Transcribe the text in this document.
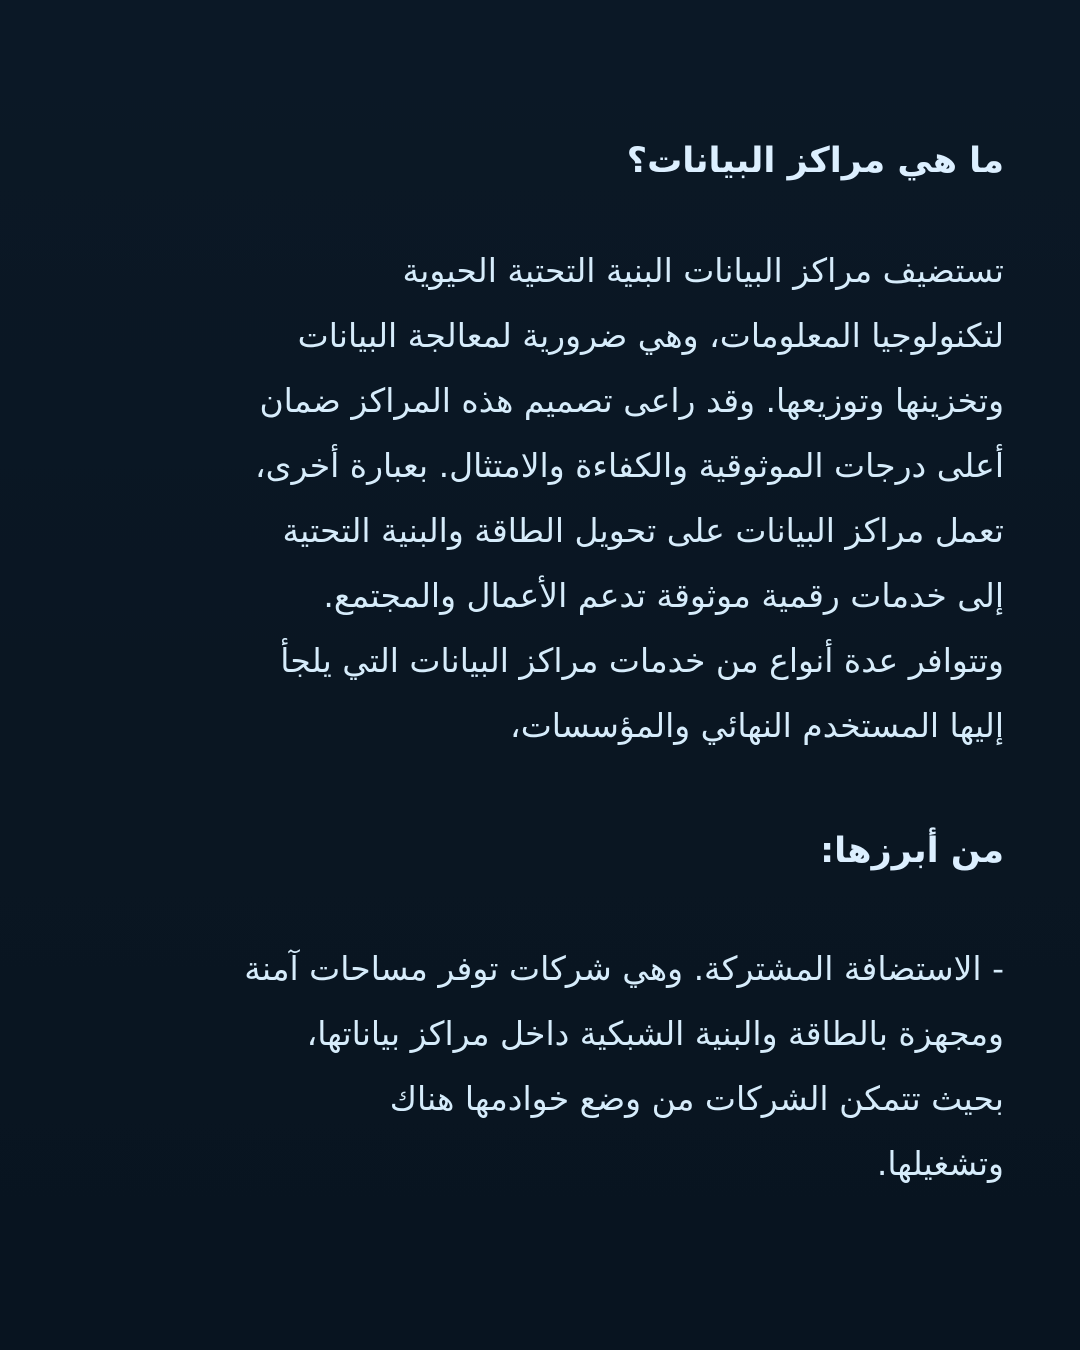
ما هي مراكز البيانات؟

تستضيف مراكز البيانات البنية التحتية الحيوية
لتكنولوجيا المعلومات، وهي ضرورية لمعالجة البيانات
وتخزينها وتوزيعها. وقد راعى تصميم هذه المراكز ضمان
أعلى درجات الموثوقية والكفاءة والامتثال. بعبارة أخرى،
تعمل مراكز البيانات على تحويل الطاقة والبنية التحتية
إلى خدمات رقمية موثوقة تدعم الأعمال والمجتمع.
وتتوافر عدة أنواع من خدمات مراكز البيانات التي يلجأ
إليها المستخدم النهائي والمؤسسات،

من أبرزها:

- الاستضافة المشتركة. وهي شركات توفر مساحات آمنة
ومجهزة بالطاقة والبنية الشبكية داخل مراكز بياناتها،
بحيث تتمكن الشركات من وضع خوادمها هناك
وتشغيلها.
